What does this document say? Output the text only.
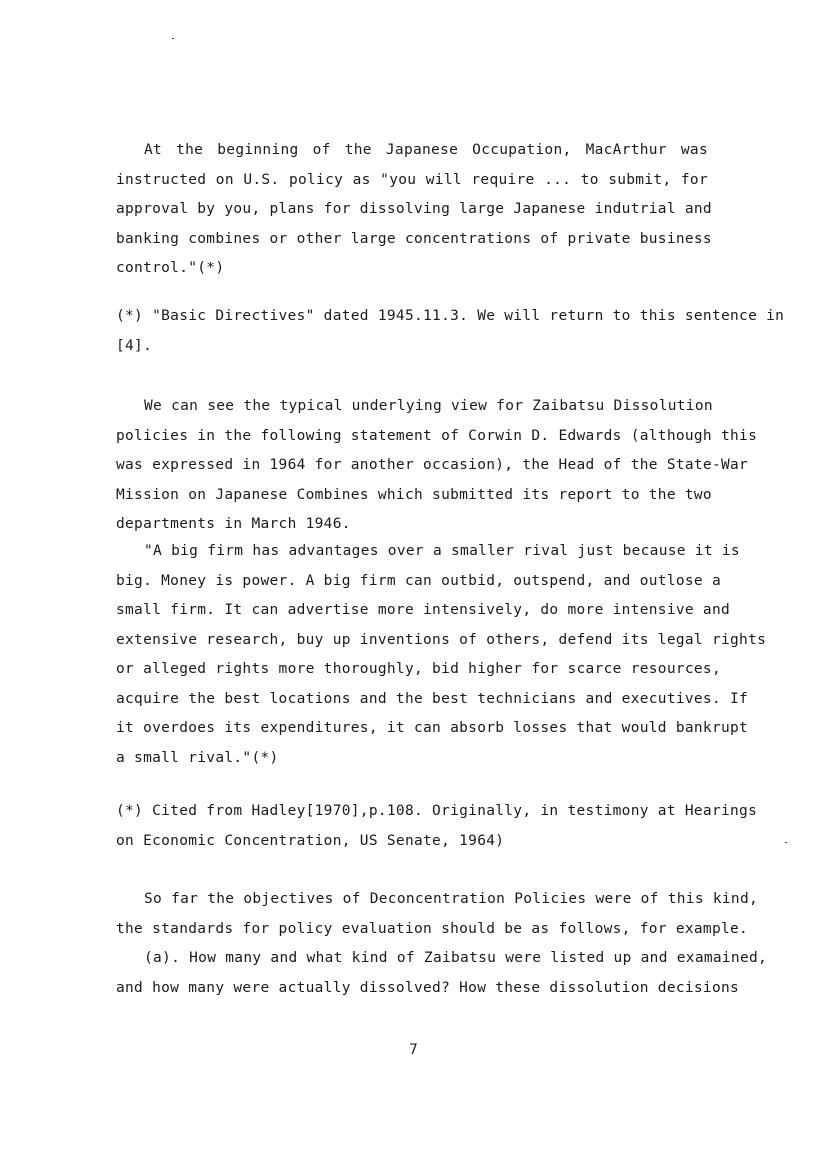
At the beginning of the Japanese Occupation, MacArthur was
instructed on U.S. policy as "you will require ... to submit, for
approval by you, plans for dissolving large Japanese indutrial and
banking combines or other large concentrations of private business
control."(*)
(*) "Basic Directives" dated 1945.11.3. We will return to this sentence in
[4].
We can see the typical underlying view for Zaibatsu Dissolution
policies in the following statement of Corwin D. Edwards (although this
was expressed in 1964 for another occasion), the Head of the State-War
Mission on Japanese Combines which submitted its report to the two
departments in March 1946.
"A big firm has advantages over a smaller rival just because it is
big. Money is power. A big firm can outbid, outspend, and outlose a
small firm. It can advertise more intensively, do more intensive and
extensive research, buy up inventions of others, defend its legal rights
or alleged rights more thoroughly, bid higher for scarce resources,
acquire the best locations and the best technicians and executives. If
it overdoes its expenditures, it can absorb losses that would bankrupt
a small rival."(*)
(*) Cited from Hadley[1970],p.108. Originally, in testimony at Hearings
on Economic Concentration, US Senate, 1964)
So far the objectives of Deconcentration Policies were of this kind,
the standards for policy evaluation should be as follows, for example.
(a). How many and what kind of Zaibatsu were listed up and examained,
and how many were actually dissolved? How these dissolution decisions
7
